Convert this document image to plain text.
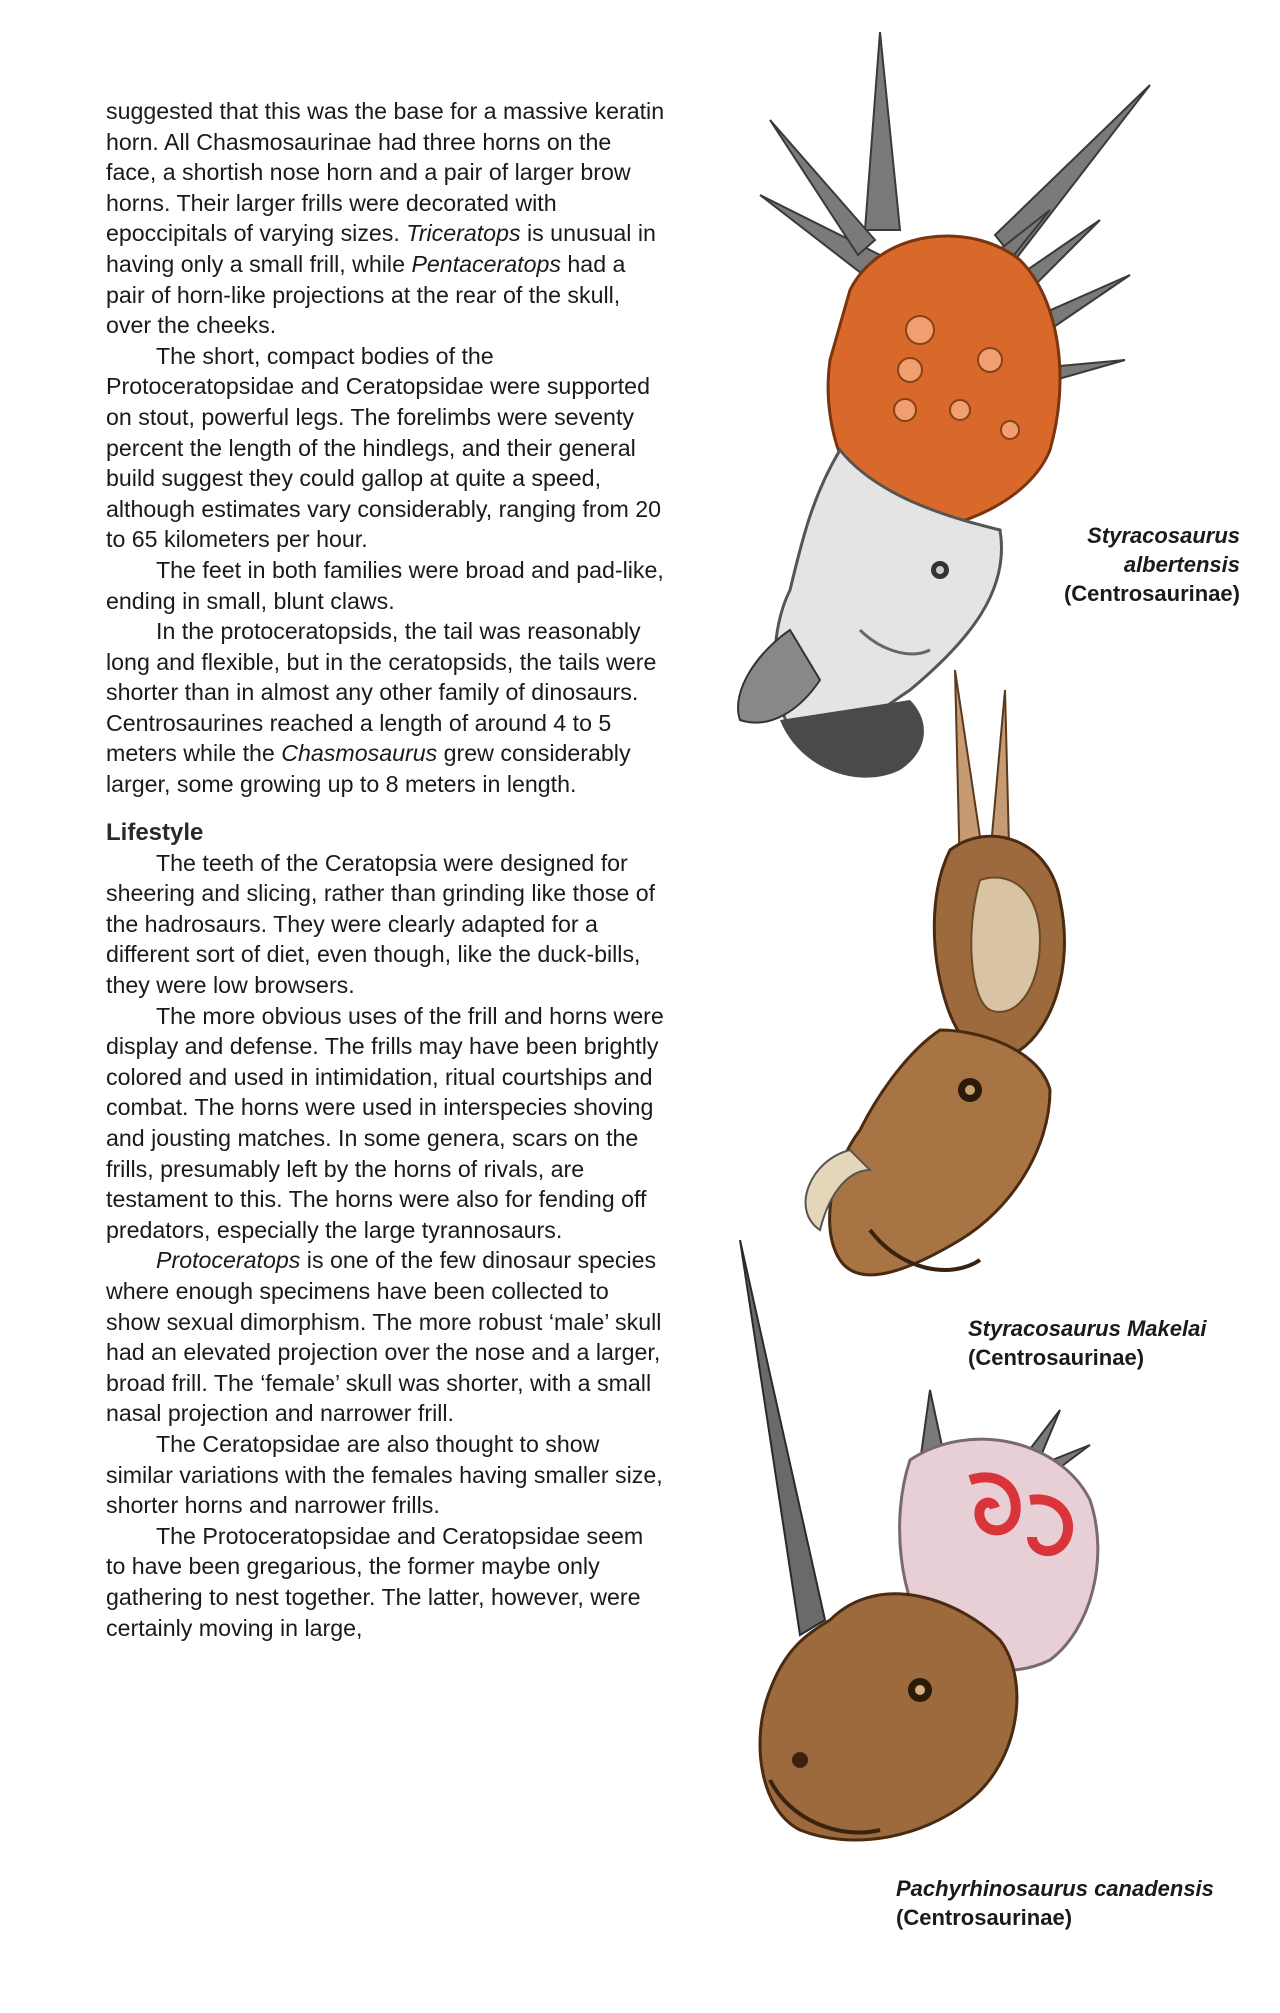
suggested that this was the base for a massive keratin horn. All Chasmosaurinae had three horns on the face, a shortish nose horn and a pair of larger brow horns. Their larger frills were decorated with epoccipitals of varying sizes. Triceratops is unusual in having only a small frill, while Pentaceratops had a pair of horn-like projections at the rear of the skull, over the cheeks.

The short, compact bodies of the Protoceratopsidae and Ceratopsidae were supported on stout, powerful legs. The forelimbs were seventy percent the length of the hindlegs, and their general build suggest they could gallop at quite a speed, although estimates vary considerably, ranging from 20 to 65 kilometers per hour.

The feet in both families were broad and pad-like, ending in small, blunt claws.

In the protoceratopsids, the tail was reasonably long and flexible, but in the ceratopsids, the tails were shorter than in almost any other family of dinosaurs. Centrosaurines reached a length of around 4 to 5 meters while the Chasmosaurus grew considerably larger, some growing up to 8 meters in length.

Lifestyle

The teeth of the Ceratopsia were designed for sheering and slicing, rather than grinding like those of the hadrosaurs. They were clearly adapted for a different sort of diet, even though, like the duck-bills, they were low browsers.

The more obvious uses of the frill and horns were display and defense. The frills may have been brightly colored and used in intimidation, ritual courtships and combat. The horns were used in interspecies shoving and jousting matches. In some genera, scars on the frills, presumably left by the horns of rivals, are testament to this. The horns were also for fending off predators, especially the large tyrannosaurs.

Protoceratops is one of the few dinosaur species where enough specimens have been collected to show sexual dimorphism. The more robust ‘male’ skull had an elevated projection over the nose and a larger, broad frill. The ‘female’ skull was shorter, with a small nasal projection and narrower frill.

The Ceratopsidae are also thought to show similar variations with the females having smaller size, shorter horns and narrower frills.

The Protoceratopsidae and Ceratopsidae seem to have been gregarious, the former maybe only gathering to nest together. The latter, however, were certainly moving in large,

Styracosaurus
albertensis
(Centrosaurinae)
Styracosaurus Makelai
(Centrosaurinae)
Pachyrhinosaurus canadensis
(Centrosaurinae)
